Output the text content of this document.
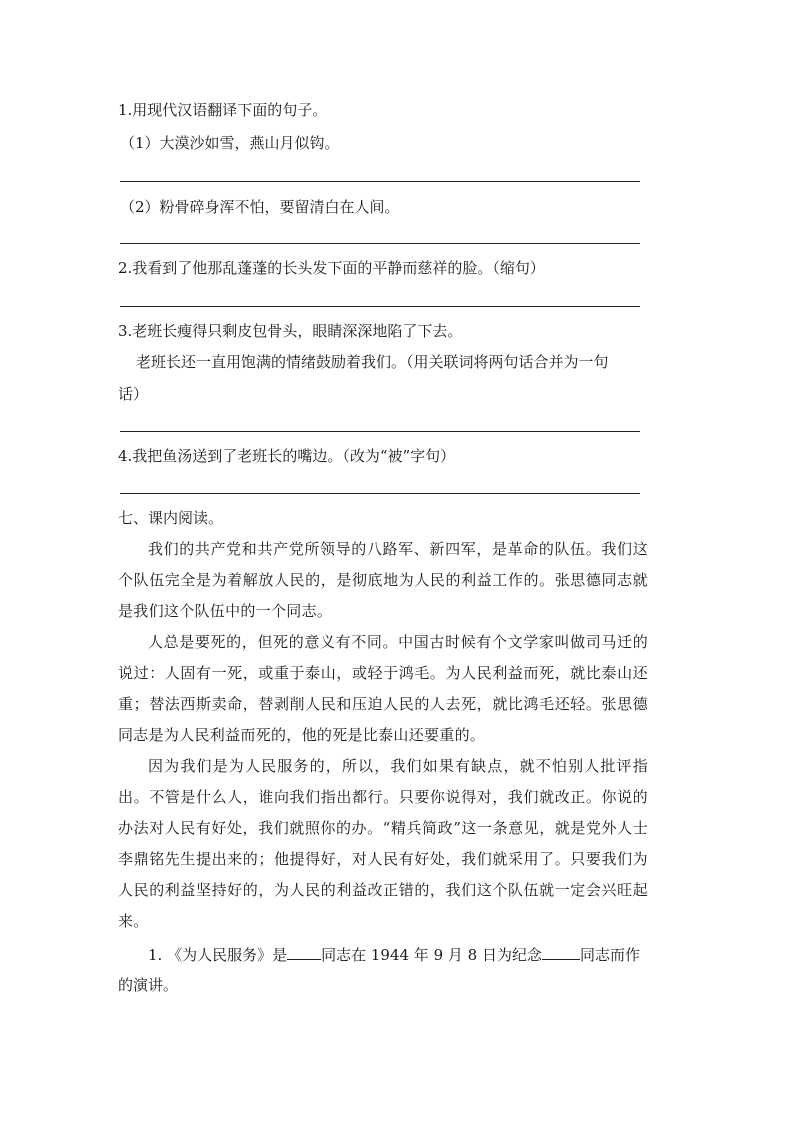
1.用现代汉语翻译下面的句子。
（1）大漠沙如雪，燕山月似钩。
（2）粉骨碎身浑不怕，要留清白在人间。
2.我看到了他那乱蓬蓬的长头发下面的平静而慈祥的脸。（缩句）
3.老班长瘦得只剩皮包骨头，眼睛深深地陷了下去。
老班长还一直用饱满的情绪鼓励着我们。（用关联词将两句话合并为一句
话）
4.我把鱼汤送到了老班长的嘴边。（改为“被”字句）
七、课内阅读。
我们的共产党和共产党所领导的八路军、新四军，是革命的队伍。我们这个队伍完全是为着解放人民的，是彻底地为人民的利益工作的。张思德同志就是我们这个队伍中的一个同志。
人总是要死的，但死的意义有不同。中国古时候有个文学家叫做司马迁的说过：人固有一死，或重于泰山，或轻于鸿毛。为人民利益而死，就比泰山还重；替法西斯卖命，替剥削人民和压迫人民的人去死，就比鸿毛还轻。张思德同志是为人民利益而死的，他的死是比泰山还要重的。
因为我们是为人民服务的，所以，我们如果有缺点，就不怕别人批评指出。不管是什么人，谁向我们指出都行。只要你说得对，我们就改正。你说的办法对人民有好处，我们就照你的办。“精兵简政”这一条意见，就是党外人士李鼎铭先生提出来的；他提得好，对人民有好处，我们就采用了。只要我们为人民的利益坚持好的，为人民的利益改正错的，我们这个队伍就一定会兴旺起来。
1. 《为人民服务》是 同志在 1944 年 9 月 8 日为纪念	同志而作
的演讲。
